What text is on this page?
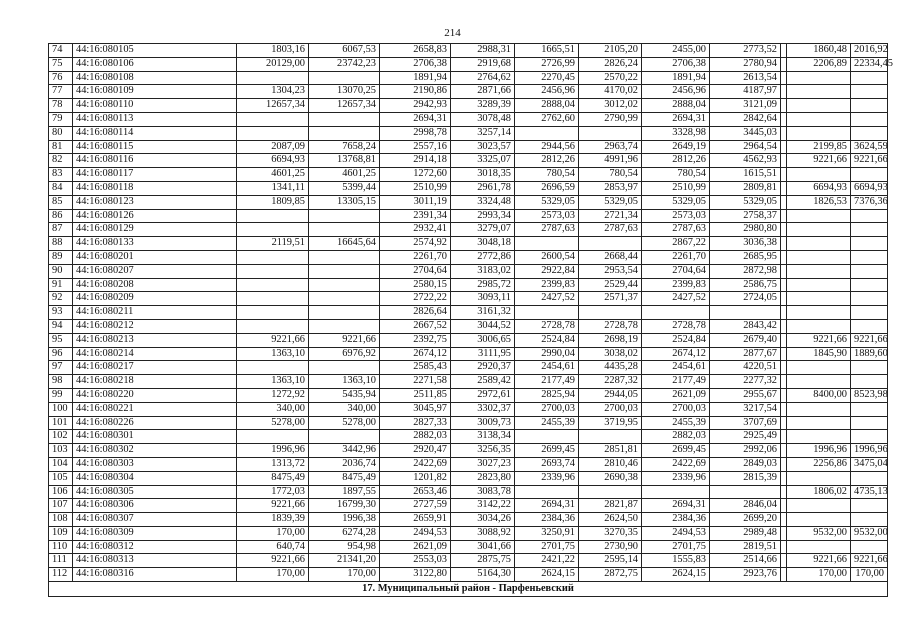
214
74	44:16:080105	1803,16	6067,53	2658,83	2988,31	1665,51	2105,20	2455,00	2773,52		1860,48	2016,92
75	44:16:080106	20129,00	23742,23	2706,38	2919,68	2726,99	2826,24	2706,38	2780,94		2206,89	22334,45
76	44:16:080108			1891,94	2764,62	2270,45	2570,22	1891,94	2613,54			
77	44:16:080109	1304,23	13070,25	2190,86	2871,66	2456,96	4170,02	2456,96	4187,97			
78	44:16:080110	12657,34	12657,34	2942,93	3289,39	2888,04	3012,02	2888,04	3121,09			
79	44:16:080113			2694,31	3078,48	2762,60	2790,99	2694,31	2842,64			
80	44:16:080114			2998,78	3257,14			3328,98	3445,03			
81	44:16:080115	2087,09	7658,24	2557,16	3023,57	2944,56	2963,74	2649,19	2964,54		2199,85	3624,59
82	44:16:080116	6694,93	13768,81	2914,18	3325,07	2812,26	4991,96	2812,26	4562,93		9221,66	9221,66
83	44:16:080117	4601,25	4601,25	1272,60	3018,35	780,54	780,54	780,54	1615,51			
84	44:16:080118	1341,11	5399,44	2510,99	2961,78	2696,59	2853,97	2510,99	2809,81		6694,93	6694,93
85	44:16:080123	1809,85	13305,15	3011,19	3324,48	5329,05	5329,05	5329,05	5329,05		1826,53	7376,36
86	44:16:080126			2391,34	2993,34	2573,03	2721,34	2573,03	2758,37			
87	44:16:080129			2932,41	3279,07	2787,63	2787,63	2787,63	2980,80			
88	44:16:080133	2119,51	16645,64	2574,92	3048,18			2867,22	3036,38			
89	44:16:080201			2261,70	2772,86	2600,54	2668,44	2261,70	2685,95			
90	44:16:080207			2704,64	3183,02	2922,84	2953,54	2704,64	2872,98			
91	44:16:080208			2580,15	2985,72	2399,83	2529,44	2399,83	2586,75			
92	44:16:080209			2722,22	3093,11	2427,52	2571,37	2427,52	2724,05			
93	44:16:080211			2826,64	3161,32							
94	44:16:080212			2667,52	3044,52	2728,78	2728,78	2728,78	2843,42			
95	44:16:080213	9221,66	9221,66	2392,75	3006,65	2524,84	2698,19	2524,84	2679,40		9221,66	9221,66
96	44:16:080214	1363,10	6976,92	2674,12	3111,95	2990,04	3038,02	2674,12	2877,67		1845,90	1889,60
97	44:16:080217			2585,43	2920,37	2454,61	4435,28	2454,61	4220,51			
98	44:16:080218	1363,10	1363,10	2271,58	2589,42	2177,49	2287,32	2177,49	2277,32			
99	44:16:080220	1272,92	5435,94	2511,85	2972,61	2825,94	2944,05	2621,09	2955,67		8400,00	8523,98
100	44:16:080221	340,00	340,00	3045,97	3302,37	2700,03	2700,03	2700,03	3217,54			
101	44:16:080226	5278,00	5278,00	2827,33	3009,73	2455,39	3719,95	2455,39	3707,69			
102	44:16:080301			2882,03	3138,34			2882,03	2925,49			
103	44:16:080302	1996,96	3442,96	2920,47	3256,35	2699,45	2851,81	2699,45	2992,06		1996,96	1996,96
104	44:16:080303	1313,72	2036,74	2422,69	3027,23	2693,74	2810,46	2422,69	2849,03		2256,86	3475,04
105	44:16:080304	8475,49	8475,49	1201,82	2823,80	2339,96	2690,38	2339,96	2815,39			
106	44:16:080305	1772,03	1897,55	2653,46	3083,78						1806,02	4735,13
107	44:16:080306	9221,66	16799,30	2727,59	3142,22	2694,31	2821,87	2694,31	2846,04			
108	44:16:080307	1839,39	1996,38	2659,91	3034,26	2384,36	2624,50	2384,36	2699,20			
109	44:16:080309	170,00	6274,28	2494,53	3088,92	3250,91	3270,35	2494,53	2989,48		9532,00	9532,00
110	44:16:080312	640,74	954,98	2621,09	3041,66	2701,75	2730,90	2701,75	2819,51			
111	44:16:080313	9221,66	21341,20	2553,03	2875,75	2421,22	2595,14	1555,83	2514,66		9221,66	9221,66
112	44:16:080316	170,00	170,00	3122,80	5164,30	2624,15	2872,75	2624,15	2923,76		170,00	170,00
17. Муниципальный район - Парфеньевский												
